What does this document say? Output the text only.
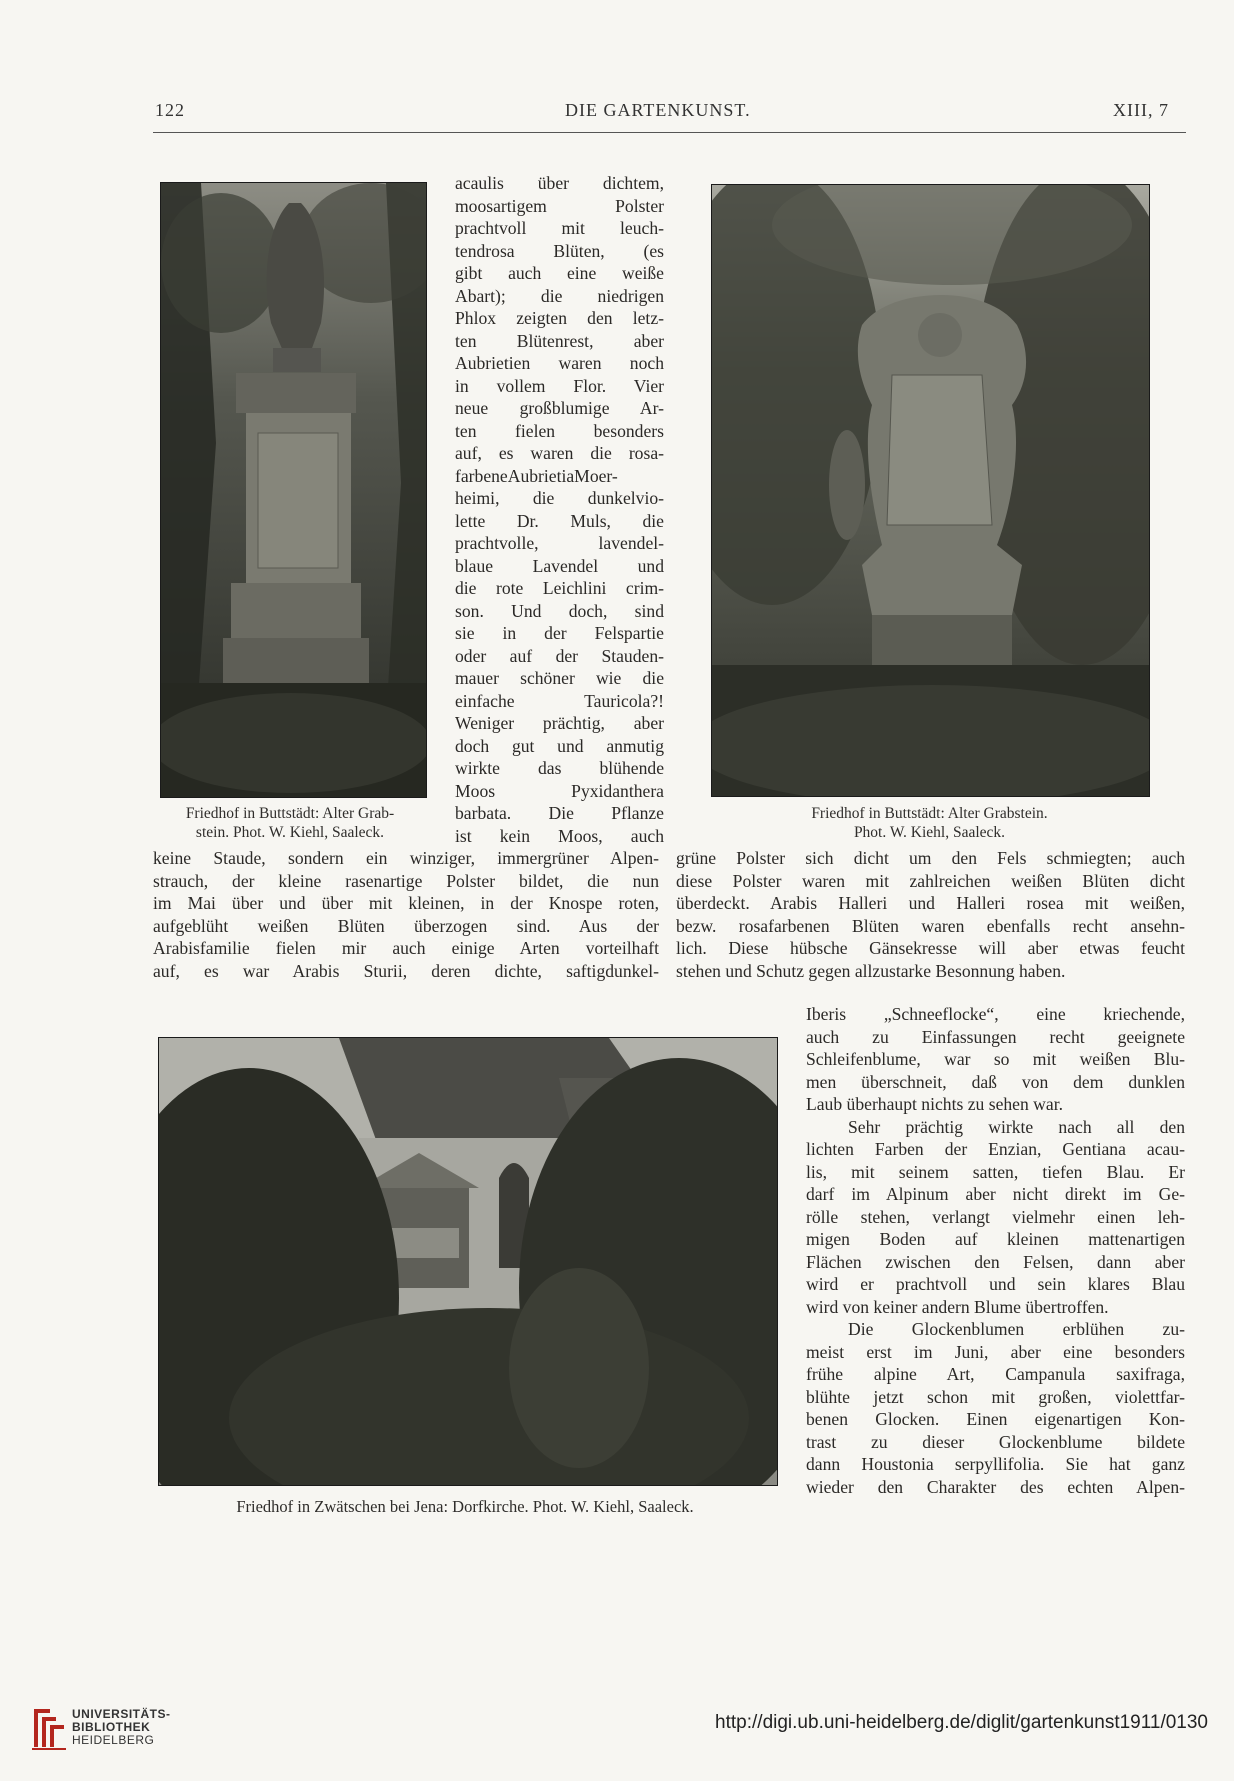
122	DIE GARTENKUNST.	XIII, 7
Friedhof in Buttstädt: Alter Grab-
stein. Phot. W. Kiehl, Saaleck.
Friedhof in Buttstädt: Alter Grabstein.
Phot. W. Kiehl, Saaleck.

acaulis über dichtem,

moosartigem Polster

prachtvoll mit leuch-

tendrosa Blüten, (es

gibt auch eine weiße

Abart); die niedrigen

Phlox zeigten den letz-

ten Blütenrest, aber

Aubrietien waren noch

in vollem Flor. Vier

neue großblumige Ar-

ten fielen besonders

auf, es waren die rosa-

farbeneAubrietiaMoer-

heimi, die dunkelvio-

lette Dr. Muls, die

prachtvolle, lavendel-

blaue Lavendel und

die rote Leichlini crim-

son. Und doch, sind

sie in der Felspartie

oder auf der Stauden-

mauer schöner wie die

einfache Tauricola?!

Weniger prächtig, aber

doch gut und anmutig

wirkte das blühende

Moos Pyxidanthera

barbata. Die Pflanze

ist kein Moos, auch

keine Staude, sondern ein winziger, immergrüner Alpen-

strauch, der kleine rasenartige Polster bildet, die nun

im Mai über und über mit kleinen, in der Knospe roten,

aufgeblüht weißen Blüten überzogen sind. Aus der

Arabisfamilie fielen mir auch einige Arten vorteilhaft

auf, es war Arabis Sturii, deren dichte, saftigdunkel-

grüne Polster sich dicht um den Fels schmiegten; auch

diese Polster waren mit zahlreichen weißen Blüten dicht

überdeckt. Arabis Halleri und Halleri rosea mit weißen,

bezw. rosafarbenen Blüten waren ebenfalls recht ansehn-

lich. Diese hübsche Gänsekresse will aber etwas feucht

stehen und Schutz gegen allzustarke Besonnung haben.

Friedhof in Zwätschen bei Jena: Dorfkirche. Phot. W. Kiehl, Saaleck.

Iberis „Schneeflocke“, eine kriechende,

auch zu Einfassungen recht geeignete

Schleifenblume, war so mit weißen Blu-

men überschneit, daß von dem dunklen

Laub überhaupt nichts zu sehen war.

Sehr prächtig wirkte nach all den

lichten Farben der Enzian, Gentiana acau-

lis, mit seinem satten, tiefen Blau. Er

darf im Alpinum aber nicht direkt im Ge-

rölle stehen, verlangt vielmehr einen leh-

migen Boden auf kleinen mattenartigen

Flächen zwischen den Felsen, dann aber

wird er prachtvoll und sein klares Blau

wird von keiner andern Blume übertroffen.

Die Glockenblumen erblühen zu-

meist erst im Juni, aber eine besonders

frühe alpine Art, Campanula saxifraga,

blühte jetzt schon mit großen, violettfar-

benen Glocken. Einen eigenartigen Kon-

trast zu dieser Glockenblume bildete

dann Houstonia serpyllifolia. Sie hat ganz

wieder den Charakter des echten Alpen-

UNIVERSITÄTS-
BIBLIOTHEK
HEIDELBERG
http://digi.ub.uni-heidelberg.de/diglit/gartenkunst1911/0130
